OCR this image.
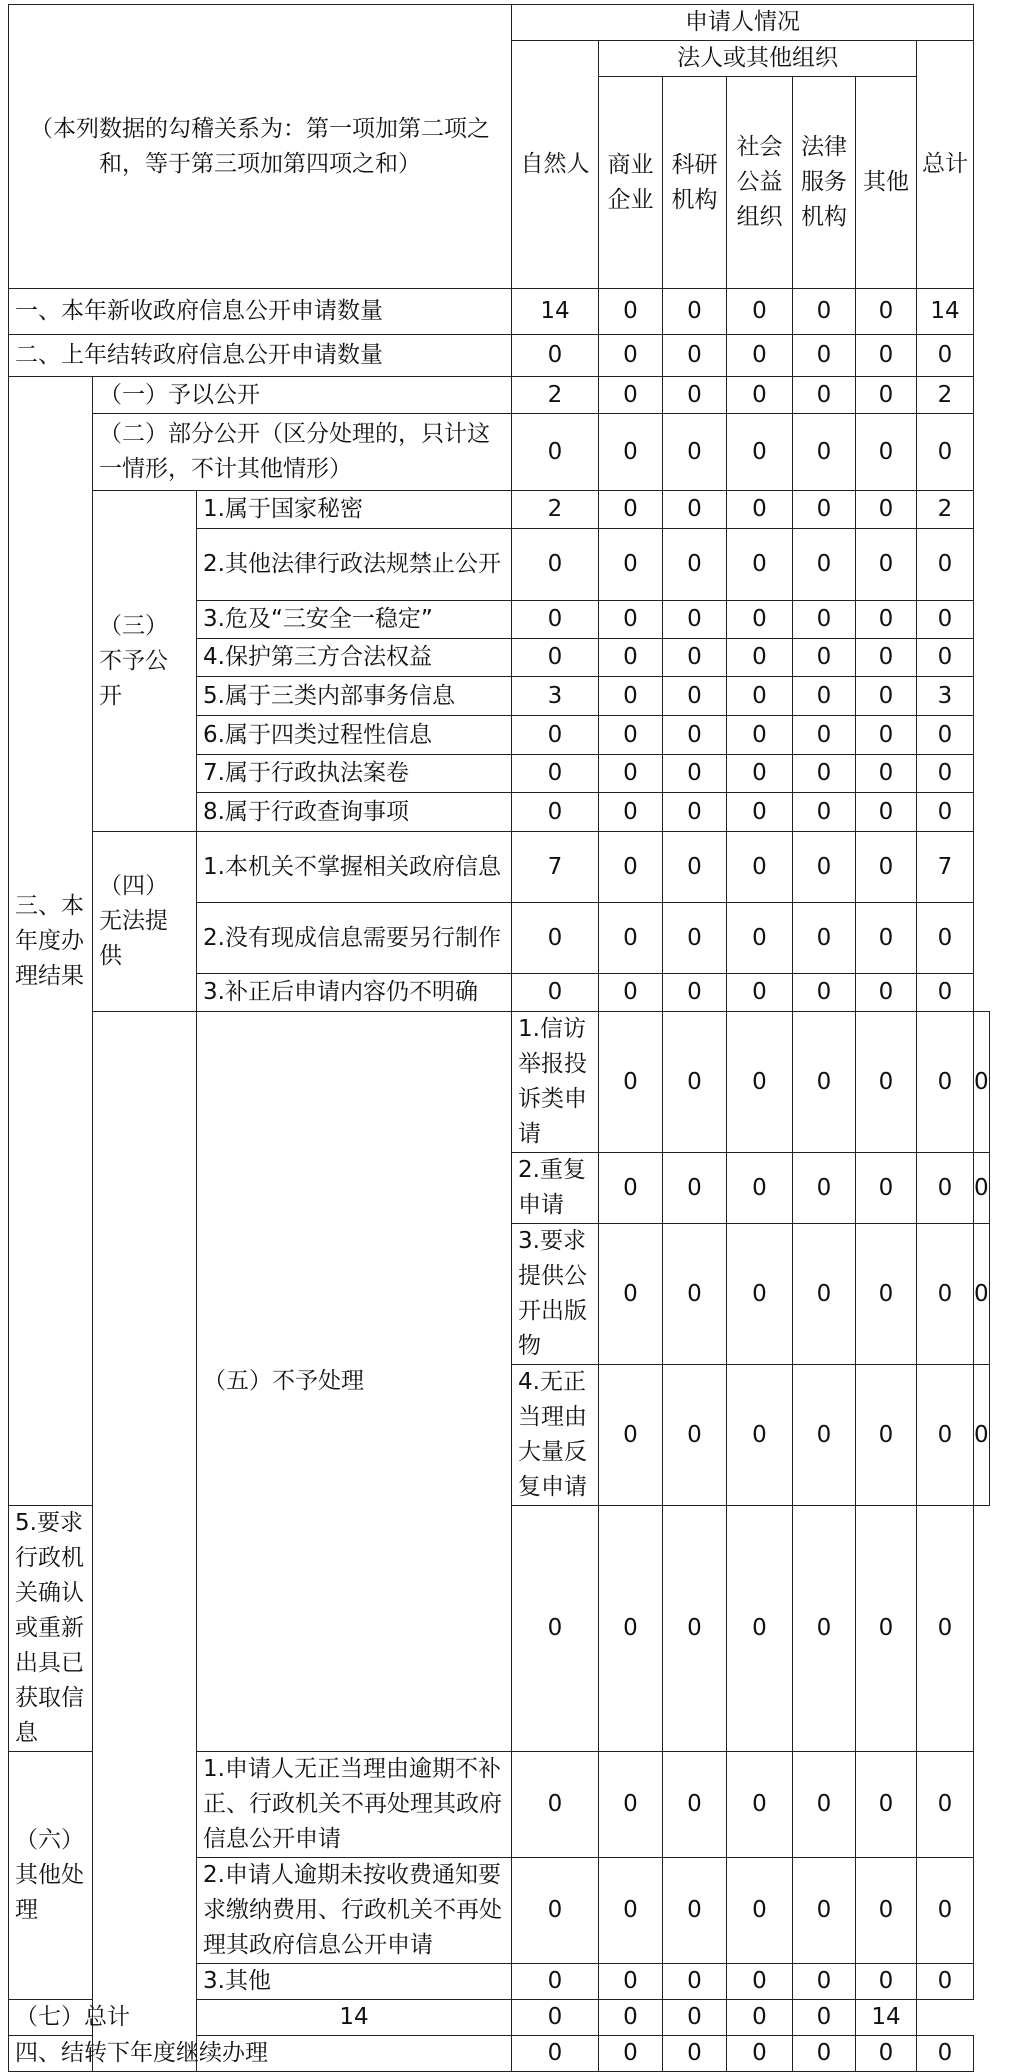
（本列数据的勾稽关系为：第一项加第二项之和，等于第三项加第四项之和）			申请人情况							
			自然人	法人或其他组织					总计	
				商业企业	科研机构	社会公益组织	法律服务机构	其他		
一、本年新收政府信息公开申请数量			14	0	0	0	0	0	14	
二、上年结转政府信息公开申请数量			0	0	0	0	0	0	0	
三、本年度办理结果	（一）予以公开		2	0	0	0	0	0	2	
	（二）部分公开（区分处理的，只计这一情形，不计其他情形）		0	0	0	0	0	0	0	
	（三）不予公开	1.属于国家秘密	2	0	0	0	0	0	2	
		2.其他法律行政法规禁止公开	0	0	0	0	0	0	0	
		3.危及“三安全一稳定”	0	0	0	0	0	0	0	
		4.保护第三方合法权益	0	0	0	0	0	0	0	
		5.属于三类内部事务信息	3	0	0	0	0	0	3	
		6.属于四类过程性信息	0	0	0	0	0	0	0	
		7.属于行政执法案卷	0	0	0	0	0	0	0	
		8.属于行政查询事项	0	0	0	0	0	0	0	
	（四）无法提供	1.本机关不掌握相关政府信息	7	0	0	0	0	0	7	
		2.没有现成信息需要另行制作	0	0	0	0	0	0	0	
		3.补正后申请内容仍不明确	0	0	0	0	0	0	0	
		（五）不予处理	1.信访举报投诉类申请	0	0	0	0	0	0	0
			2.重复申请	0	0	0	0	0	0	0
			3.要求提供公开出版物	0	0	0	0	0	0	0
			4.无正当理由大量反复申请	0	0	0	0	0	0	0
5.要求行政机关确认或重新出具已获取信息			0	0	0	0	0	0	0	
（六）其他处理		1.申请人无正当理由逾期不补正、行政机关不再处理其政府信息公开申请	0	0	0	0	0	0	0	
		2.申请人逾期未按收费通知要求缴纳费用、行政机关不再处理其政府信息公开申请	0	0	0	0	0	0	0	
		3.其他	0	0	0	0	0	0	0	
（七）总计		14	0	0	0	0	0	14		
四、结转下年度继续办理			0	0	0	0	0	0	0	
